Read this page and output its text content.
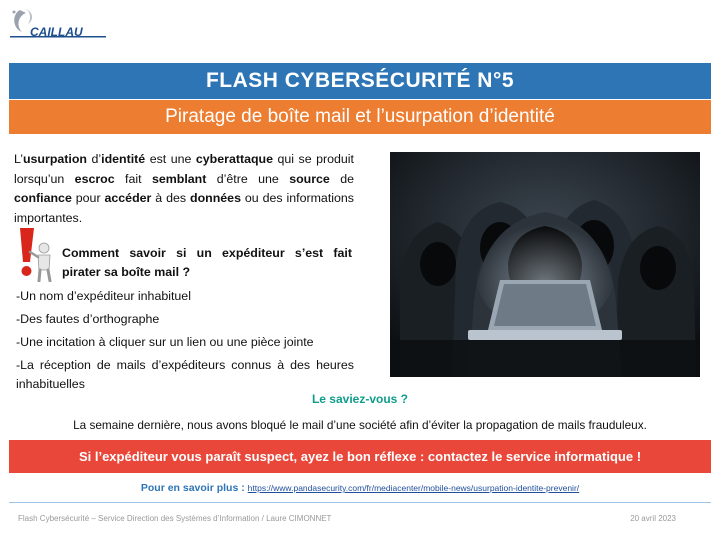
CAILLAU
FLASH CYBERSÉCURITÉ N°5
Piratage de boîte mail et l’usurpation d’identité

L’usurpation d’identité est une cyberattaque qui se produit lorsqu’un escroc fait semblant d’être une source de confiance pour accéder à des données ou des informations importantes.

Comment savoir si un expéditeur s’est fait pirater sa boîte mail ?

-Un nom d’expéditeur inhabituel
-Des fautes d’orthographe
-Une incitation à cliquer sur un lien ou une pièce jointe
-La réception de mails d’expéditeurs connus à des heures inhabituelles
Le saviez-vous ?
La semaine dernière, nous avons bloqué le mail d’une société afin d’éviter la propagation de mails frauduleux.
Si l’expéditeur vous paraît suspect, ayez le bon réflexe : contactez le service informatique !
Pour en savoir plus : https://www.pandasecurity.com/fr/mediacenter/mobile-news/usurpation-identite-prevenir/
Flash Cybersécurité – Service Direction des Systèmes d’Information / Laure CIMONNET	20 avril 2023
